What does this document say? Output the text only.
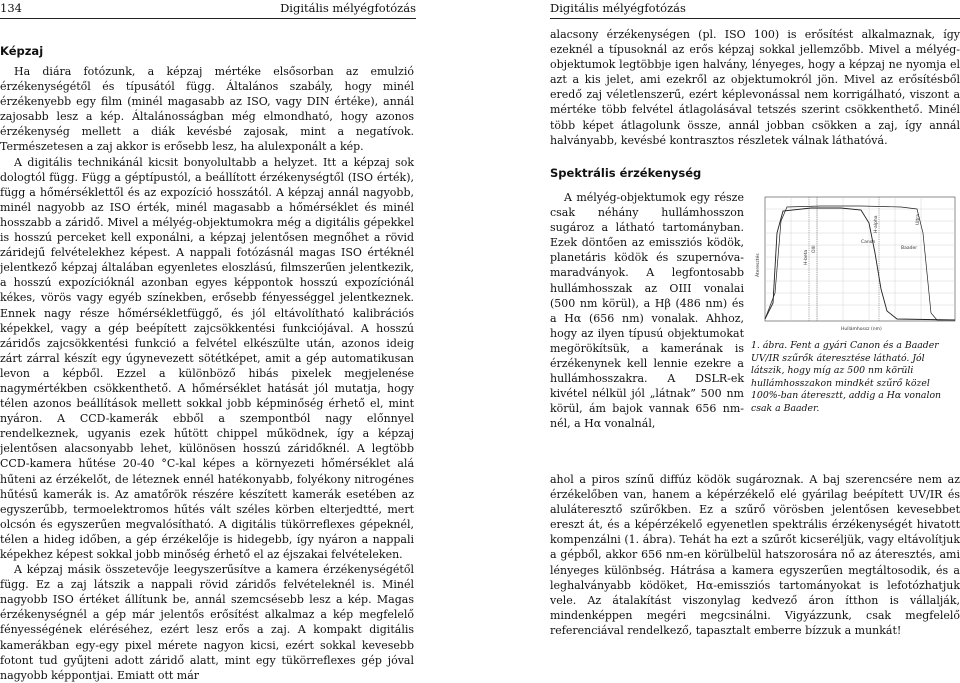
134	Digitális mélyégfotózás
Képzaj

Ha diára fotózunk, a képzaj mértéke elsősorban az emulzió érzékenységétől és típusától függ. Általános szabály, hogy minél érzékenyebb egy film (minél magasabb az ISO, vagy DIN értéke), annál zajosabb lesz a kép. Általánosságban még elmondható, hogy azonos érzékenység mellett a diák kevésbé zajosak, mint a negatívok. Természetesen a zaj akkor is erősebb lesz, ha alulexponált a kép.

A digitális technikánál kicsit bonyolultabb a helyzet. Itt a képzaj sok dologtól függ. Függ a géptípustól, a beállított érzékenységtől (ISO érték), függ a hőmérséklettől és az expozíció hosszától. A képzaj annál nagyobb, minél nagyobb az ISO érték, minél magasabb a hőmérséklet és minél hosszabb a záridő. Mivel a mélyég-objektumokra még a digitális gépekkel is hosszú perceket kell exponálni, a képzaj jelentősen megnőhet a rövid záridejű felvételekhez képest. A nappali fotózásnál magas ISO értéknél jelentkező képzaj általában egyenletes eloszlású, filmszerűen jelentkezik, a hosszú expozícióknál azonban egyes képpontok hosszú expozíciónál kékes, vörös vagy egyéb színekben, erősebb fényességgel jelentkeznek. Ennek nagy része hőmérsékletfüggő, és jól eltávolítható kalibrációs képekkel, vagy a gép beépített zajcsökkentési funkciójával. A hosszú záridős zajcsökkentési funkció a felvétel elkészülte után, azonos ideig zárt zárral készít egy úgynevezett sötétképet, amit a gép automatikusan levon a képből. Ezzel a különböző hibás pixelek megjelenése nagymértékben csökkenthető. A hőmérséklet hatását jól mutatja, hogy télen azonos beállítások mellett sokkal jobb képminőség érhető el, mint nyáron. A CCD-kamerák ebből a szempontból nagy előnnyel rendelkeznek, ugyanis ezek hűtött chippel működnek, így a képzaj jelentősen alacsonyabb lehet, különösen hosszú záridőknél. A legtöbb CCD-kamera hűtése 20-40 °C-kal képes a környezeti hőmérséklet alá hűteni az érzékelőt, de léteznek ennél hatékonyabb, folyékony nitrogénes hűtésű kamerák is. Az amatőrök részére készített kamerák esetében az egyszerűbb, termoelektromos hűtés vált széles körben elterjedtté, mert olcsón és egyszerűen megvalósítható. A digitális tükörreflexes gépeknél, télen a hideg időben, a gép érzékelője is hidegebb, így nyáron a nappali képekhez képest sokkal jobb minőség érhető el az éjszakai felvételeken.

A képzaj másik összetevője leegyszerűsítve a kamera érzékenységétől függ. Ez a zaj látszik a nappali rövid záridős felvételeknél is. Minél nagyobb ISO értéket állítunk be, annál szemcsésebb lesz a kép. Magas érzékenységnél a gép már jelentős erősítést alkalmaz a kép megfelelő fényességének eléréséhez, ezért lesz erős a zaj. A kompakt digitális kamerákban egy-egy pixel mérete nagyon kicsi, ezért sokkal kevesebb fotont tud gyűjteni adott záridő alatt, mint egy tükörreflexes gép jóval nagyobb képpontjai. Emiatt ott már

Digitális mélyégfotózás

alacsony érzékenységen (pl. ISO 100) is erősítést alkalmaznak, így ezeknél a típusoknál az erős képzaj sokkal jellemzőbb. Mivel a mélyég-objektumok legtöbbje igen halvány, lényeges, hogy a képzaj ne nyomja el azt a kis jelet, ami ezekről az objektumokról jön. Mivel az erősítésből eredő zaj véletlenszerű, ezért képlevonással nem korrigálható, viszont a mértéke több felvétel átlagolásával tetszés szerint csökkenthető. Minél több képet átlagolunk össze, annál jobban csökken a zaj, így annál halványabb, kevésbé kontrasztos részletek válnak láthatóvá.

Spektrális érzékenység

A mélyég-objektumok egy része csak néhány hullámhosszon sugároz a látható tartományban. Ezek döntően az emissziós ködök, planetáris ködök és szupernóva-maradványok. A legfontosabb hullámhosszak az OIII vonalai (500 nm körül), a Hβ (486 nm) és a Hα (656 nm) vonalak. Ahhoz, hogy az ilyen típusú objektumokat megörökítsük, a kamerának is érzékenynek kell lennie ezekre a hullámhosszakra. A DSLR-ek kivétel nélkül jól „látnak” 500 nm körül, ám bajok vannak 656 nm-nél, a Hα vonalnál,

Canon
Baader
OIII
H-beta
H-alpha	Ultra
Áteresztés
Hullámhossz (nm)
1. ábra. Fent a gyári Canon és a Baader UV/IR szűrők áteresztése látható. Jól látszik, hogy míg az 500 nm körüli hullámhosszakon mindkét szűrő közel 100%-ban áteresztt, addig a Hα vonalon csak a Baader.

ahol a piros színű diffúz ködök sugároznak. A baj szerencsére nem az érzékelőben van, hanem a képérzékelő elé gyárilag beépített UV/IR és aluláteresztő szűrőkben. Ez a szűrő vörösben jelentősen kevesebbet ereszt át, és a képérzékelő egyenetlen spektrális érzékenységét hivatott kompenzálni (1. ábra). Tehát ha ezt a szűrőt kicseréljük, vagy eltávolítjuk a gépből, akkor 656 nm-en körülbelül hatszorosára nő az áteresztés, ami lényeges különbség. Hátrása a kamera egyszerűen megtáltosodik, és a leghalványabb ködöket, Hα-emissziós tartományokat is lefotózhatjuk vele. Az átalakítást viszonylag kedvező áron ítthon is vállalják, mindenképpen megéri megcsinálni. Vigyázzunk, csak megfelelő referenciával rendelkező, tapasztalt emberre bízzuk a munkát!
